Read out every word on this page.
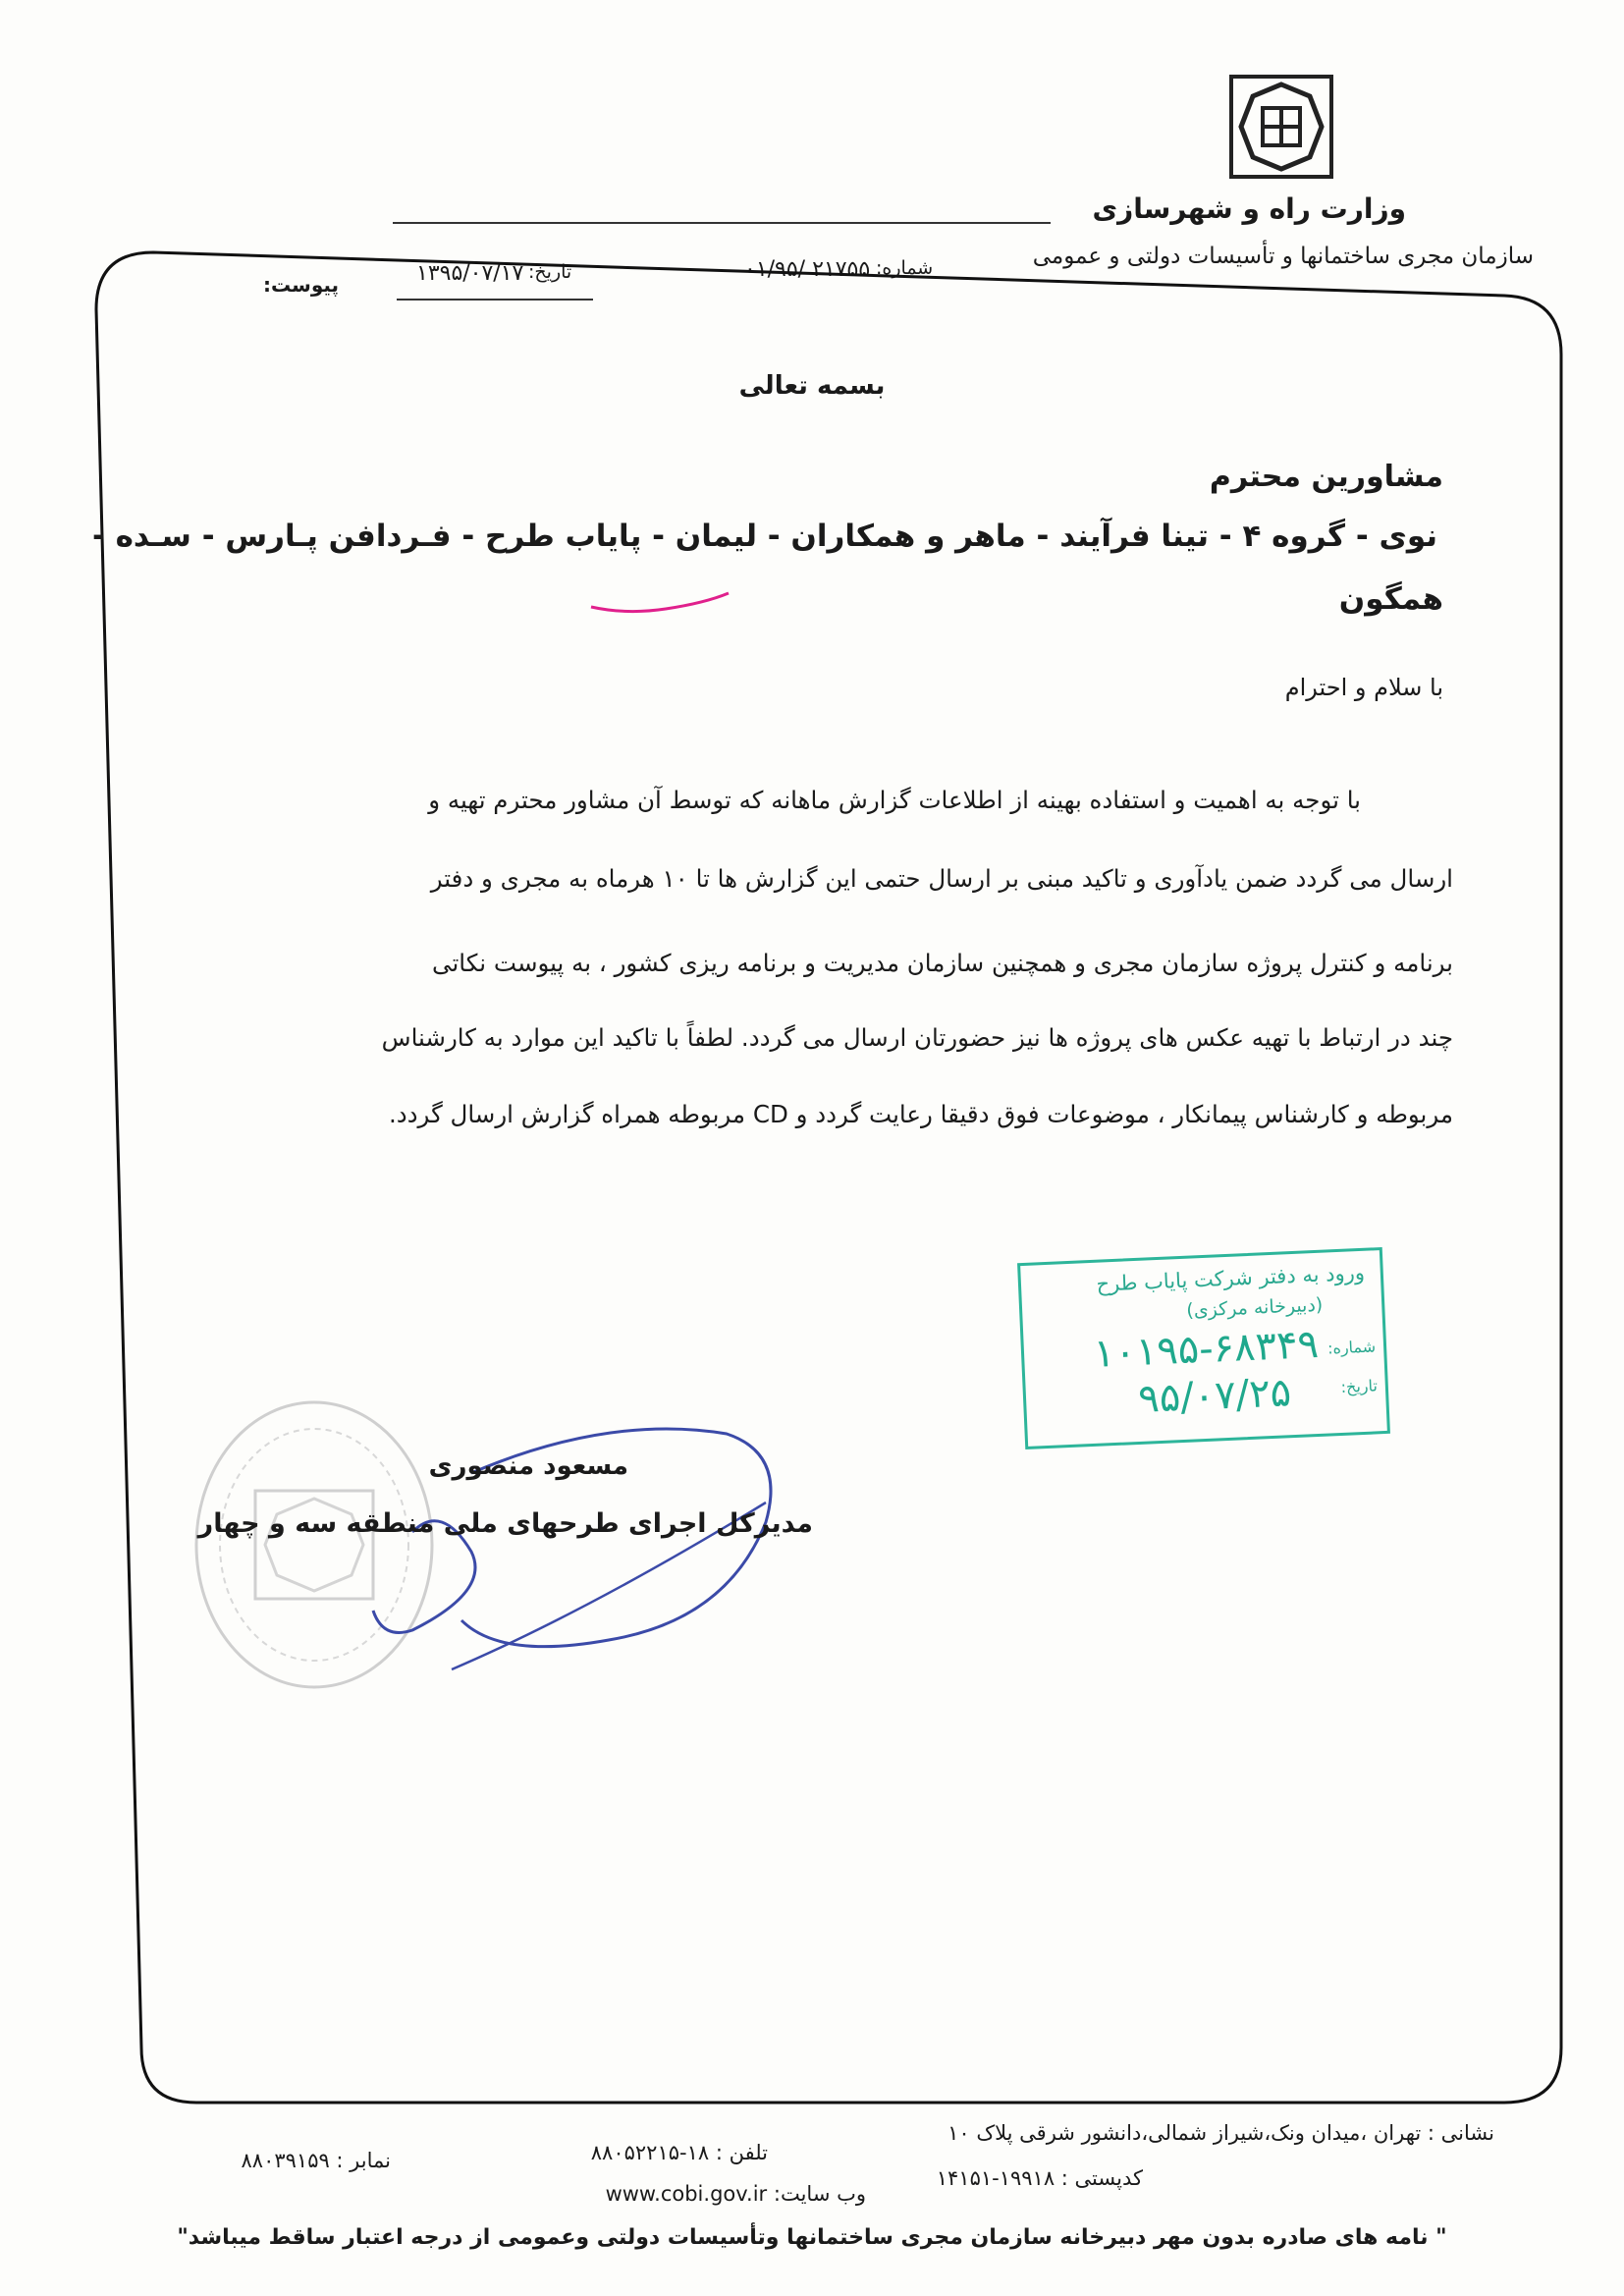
وزارت راه و شهرسازی
سازمان مجری ساختمانها و تأسیسات دولتی و عمومی
شماره:
۰۱/۹۵/ ۲۱۷۵۵
تاریخ:
۱۳۹۵/۰۷/۱۷
پیوست:
بسمه تعالی
مشاورین محترم
نوی - گروه ۴ - تینا فرآیند - ماهر و همکاران - لیمان - پایاب طرح - فـردافن پـارس - سـده -
همگون
با سلام و احترام
با توجه به اهمیت و استفاده بهینه از اطلاعات گزارش ماهانه که توسط آن مشاور محترم تهیه و
ارسال می گردد ضمن یادآوری و تاکید مبنی بر ارسال حتمی این گزارش ها تا ۱۰ هرماه به مجری و دفتر
برنامه و کنترل پروژه سازمان مجری و همچنین سازمان مدیریت و برنامه ریزی کشور ، به پیوست نکاتی
چند در ارتباط با تهیه عکس های پروژه ها نیز حضورتان ارسال می گردد. لطفاً با تاکید این موارد به کارشناس
مربوطه و کارشناس پیمانکار ، موضوعات فوق دقیقا رعایت گردد و CD مربوطه همراه گزارش ارسال گردد.
ورود به دفتر شرکت پایاب طرح
(دبیرخانه مرکزی)
شماره:
۱۰۱۹۵-۶۸۳۴۹
تاریخ:
۹۵/۰۷/۲۵
مسعود منصوری
مدیرکل اجرای طرحهای ملی منطقه سه و چهار
نشانی : تهران ،میدان ونک،شیراز شمالی،دانشور شرقی پلاک ۱۰
کدپستی : ۱۹۹۱۸-۱۴۱۵۱
تلفن : ۱۸-۸۸۰۵۲۲۱۵
وب سایت: www.cobi.gov.ir
نمابر : ۸۸۰۳۹۱۵۹
" نامه های صادره بدون مهر دبیرخانه سازمان مجری ساختمانها وتأسیسات دولتی وعمومی از درجه اعتبار ساقط میباشد"
